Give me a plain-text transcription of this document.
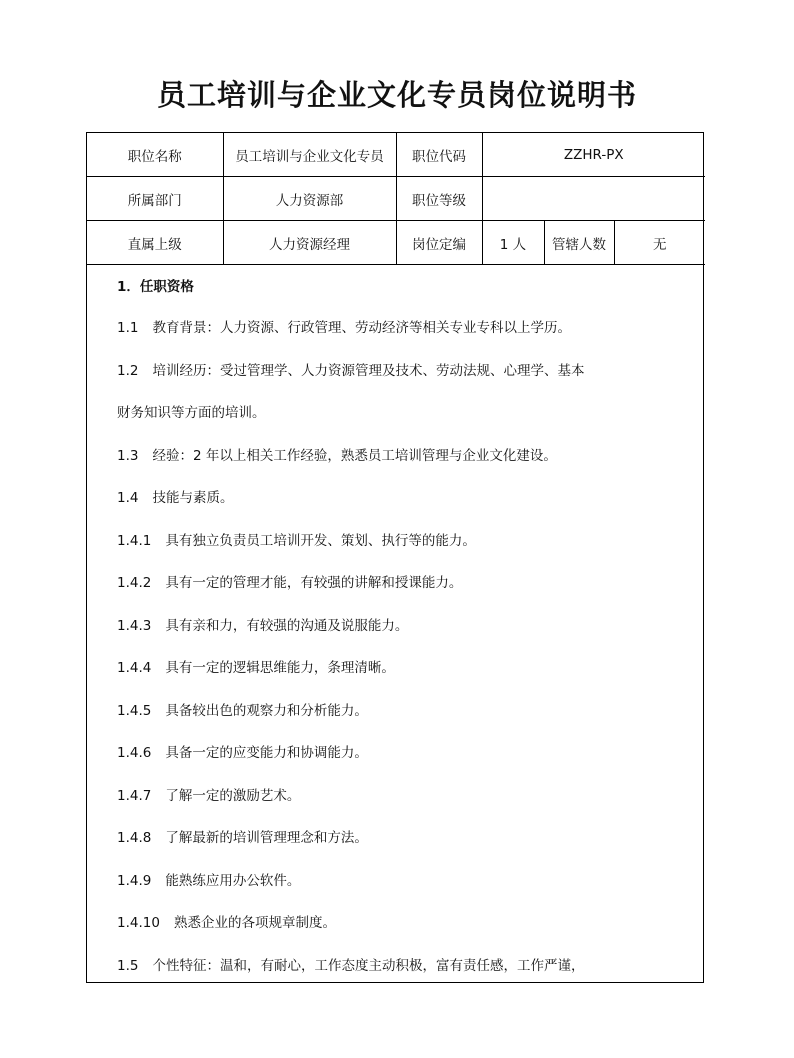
员工培训与企业文化专员岗位说明书
职位名称	员工培训与企业文化专员	职位代码	ZZHR-PX		
所属部门	人力资源部	职位等级			
直属上级	人力资源经理	岗位定编	1 人	管辖人数	无
1．任职资格
1.1 教育背景：人力资源、行政管理、劳动经济等相关专业专科以上学历。
1.2 培训经历：受过管理学、人力资源管理及技术、劳动法规、心理学、基本
财务知识等方面的培训。
1.3 经验：2 年以上相关工作经验，熟悉员工培训管理与企业文化建设。
1.4 技能与素质。
1.4.1 具有独立负责员工培训开发、策划、执行等的能力。
1.4.2 具有一定的管理才能，有较强的讲解和授课能力。
1.4.3 具有亲和力，有较强的沟通及说服能力。
1.4.4 具有一定的逻辑思维能力，条理清晰。
1.4.5 具备较出色的观察力和分析能力。
1.4.6 具备一定的应变能力和协调能力。
1.4.7 了解一定的激励艺术。
1.4.8 了解最新的培训管理理念和方法。
1.4.9 能熟练应用办公软件。
1.4.10 熟悉企业的各项规章制度。
1.5 个性特征：温和，有耐心，工作态度主动积极，富有责任感，工作严谨，
